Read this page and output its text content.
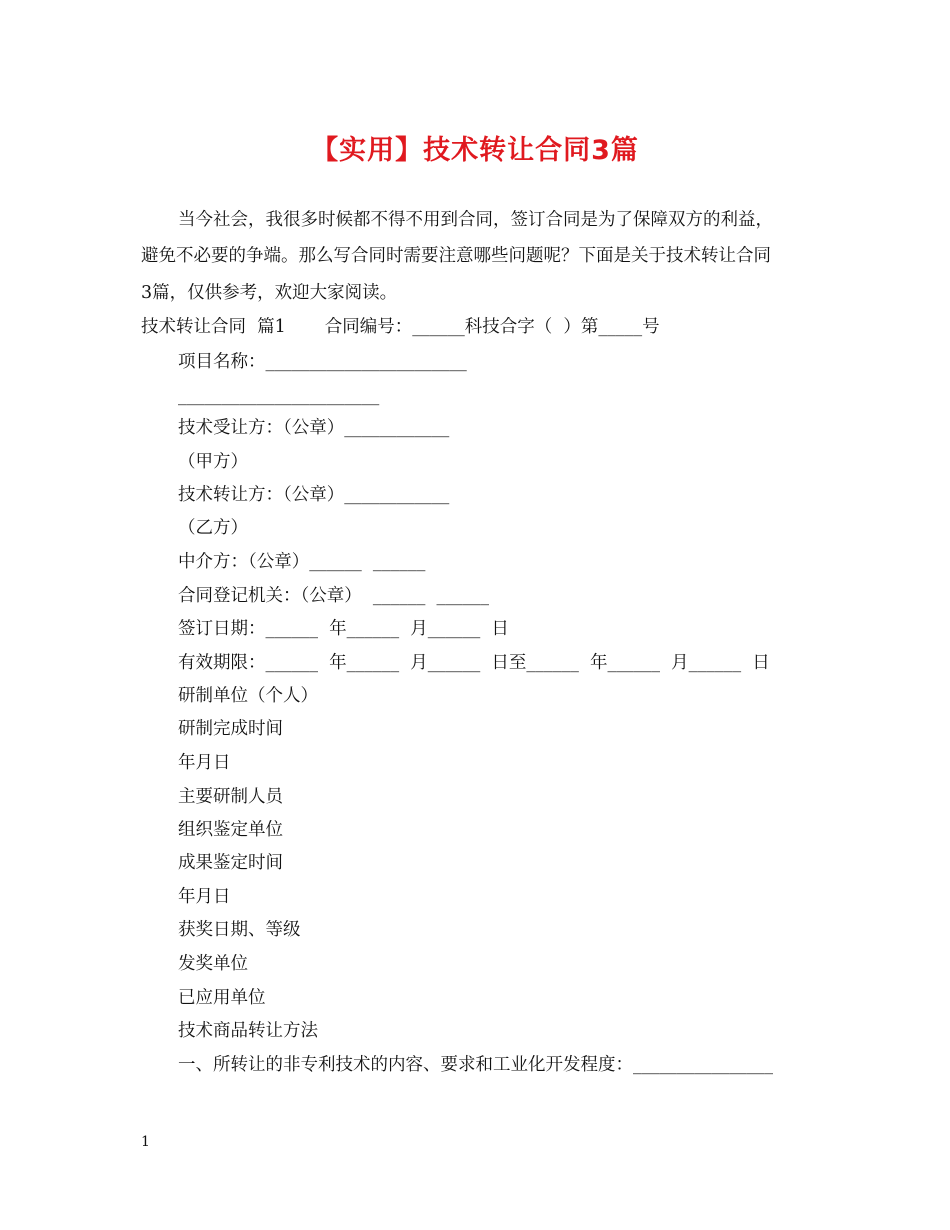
【实用】技术转让合同3篇
当今社会，我很多时候都不得不用到合同，签订合同是为了保障双方的利益，
避免不必要的争端。那么写合同时需要注意哪些问题呢？下面是关于技术转让合同
3篇，仅供参考，欢迎大家阅读。
技术转让合同  篇1       合同编号：______科技合字（  ）第_____号
项目名称：_______________________
_______________________
技术受让方：（公章）____________
（甲方）
技术转让方：（公章）____________
（乙方）
中介方：（公章）______  ______
合同登记机关：（公章）  ______  ______
签订日期：______  年______  月______  日
有效期限：______  年______  月______  日至______  年______  月______  日
研制单位（个人）
研制完成时间
年月日
主要研制人员
组织鉴定单位
成果鉴定时间
年月日
获奖日期、等级
发奖单位
已应用单位
技术商品转让方法
一、所转让的非专利技术的内容、要求和工业化开发程度：________________
1
